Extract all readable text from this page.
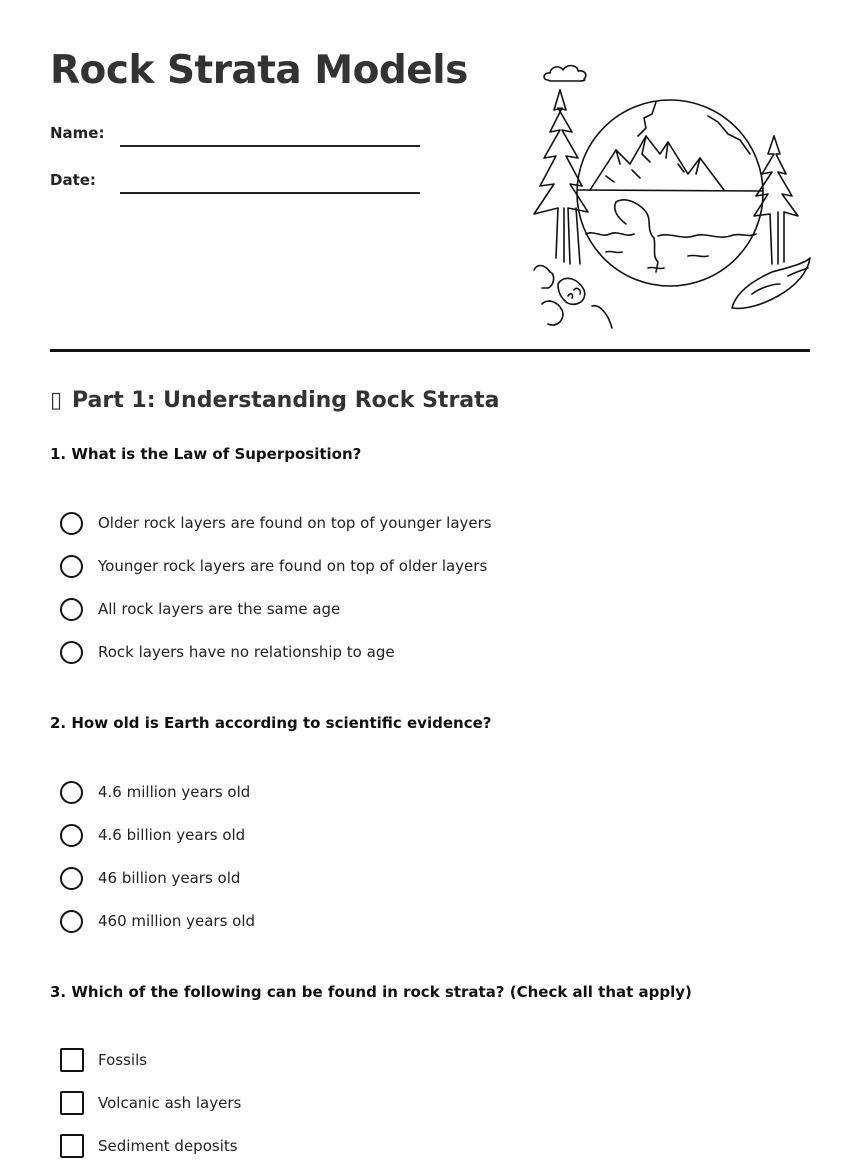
Rock Strata Models
Name:
Date:
▯ Part 1: Understanding Rock Strata

1. What is the Law of Superposition?

Older rock layers are found on top of younger layers
Younger rock layers are found on top of older layers
All rock layers are the same age
Rock layers have no relationship to age

2. How old is Earth according to scientific evidence?

4.6 million years old
4.6 billion years old
46 billion years old
460 million years old

3. Which of the following can be found in rock strata? (Check all that apply)

Fossils
Volcanic ash layers
Sediment deposits
